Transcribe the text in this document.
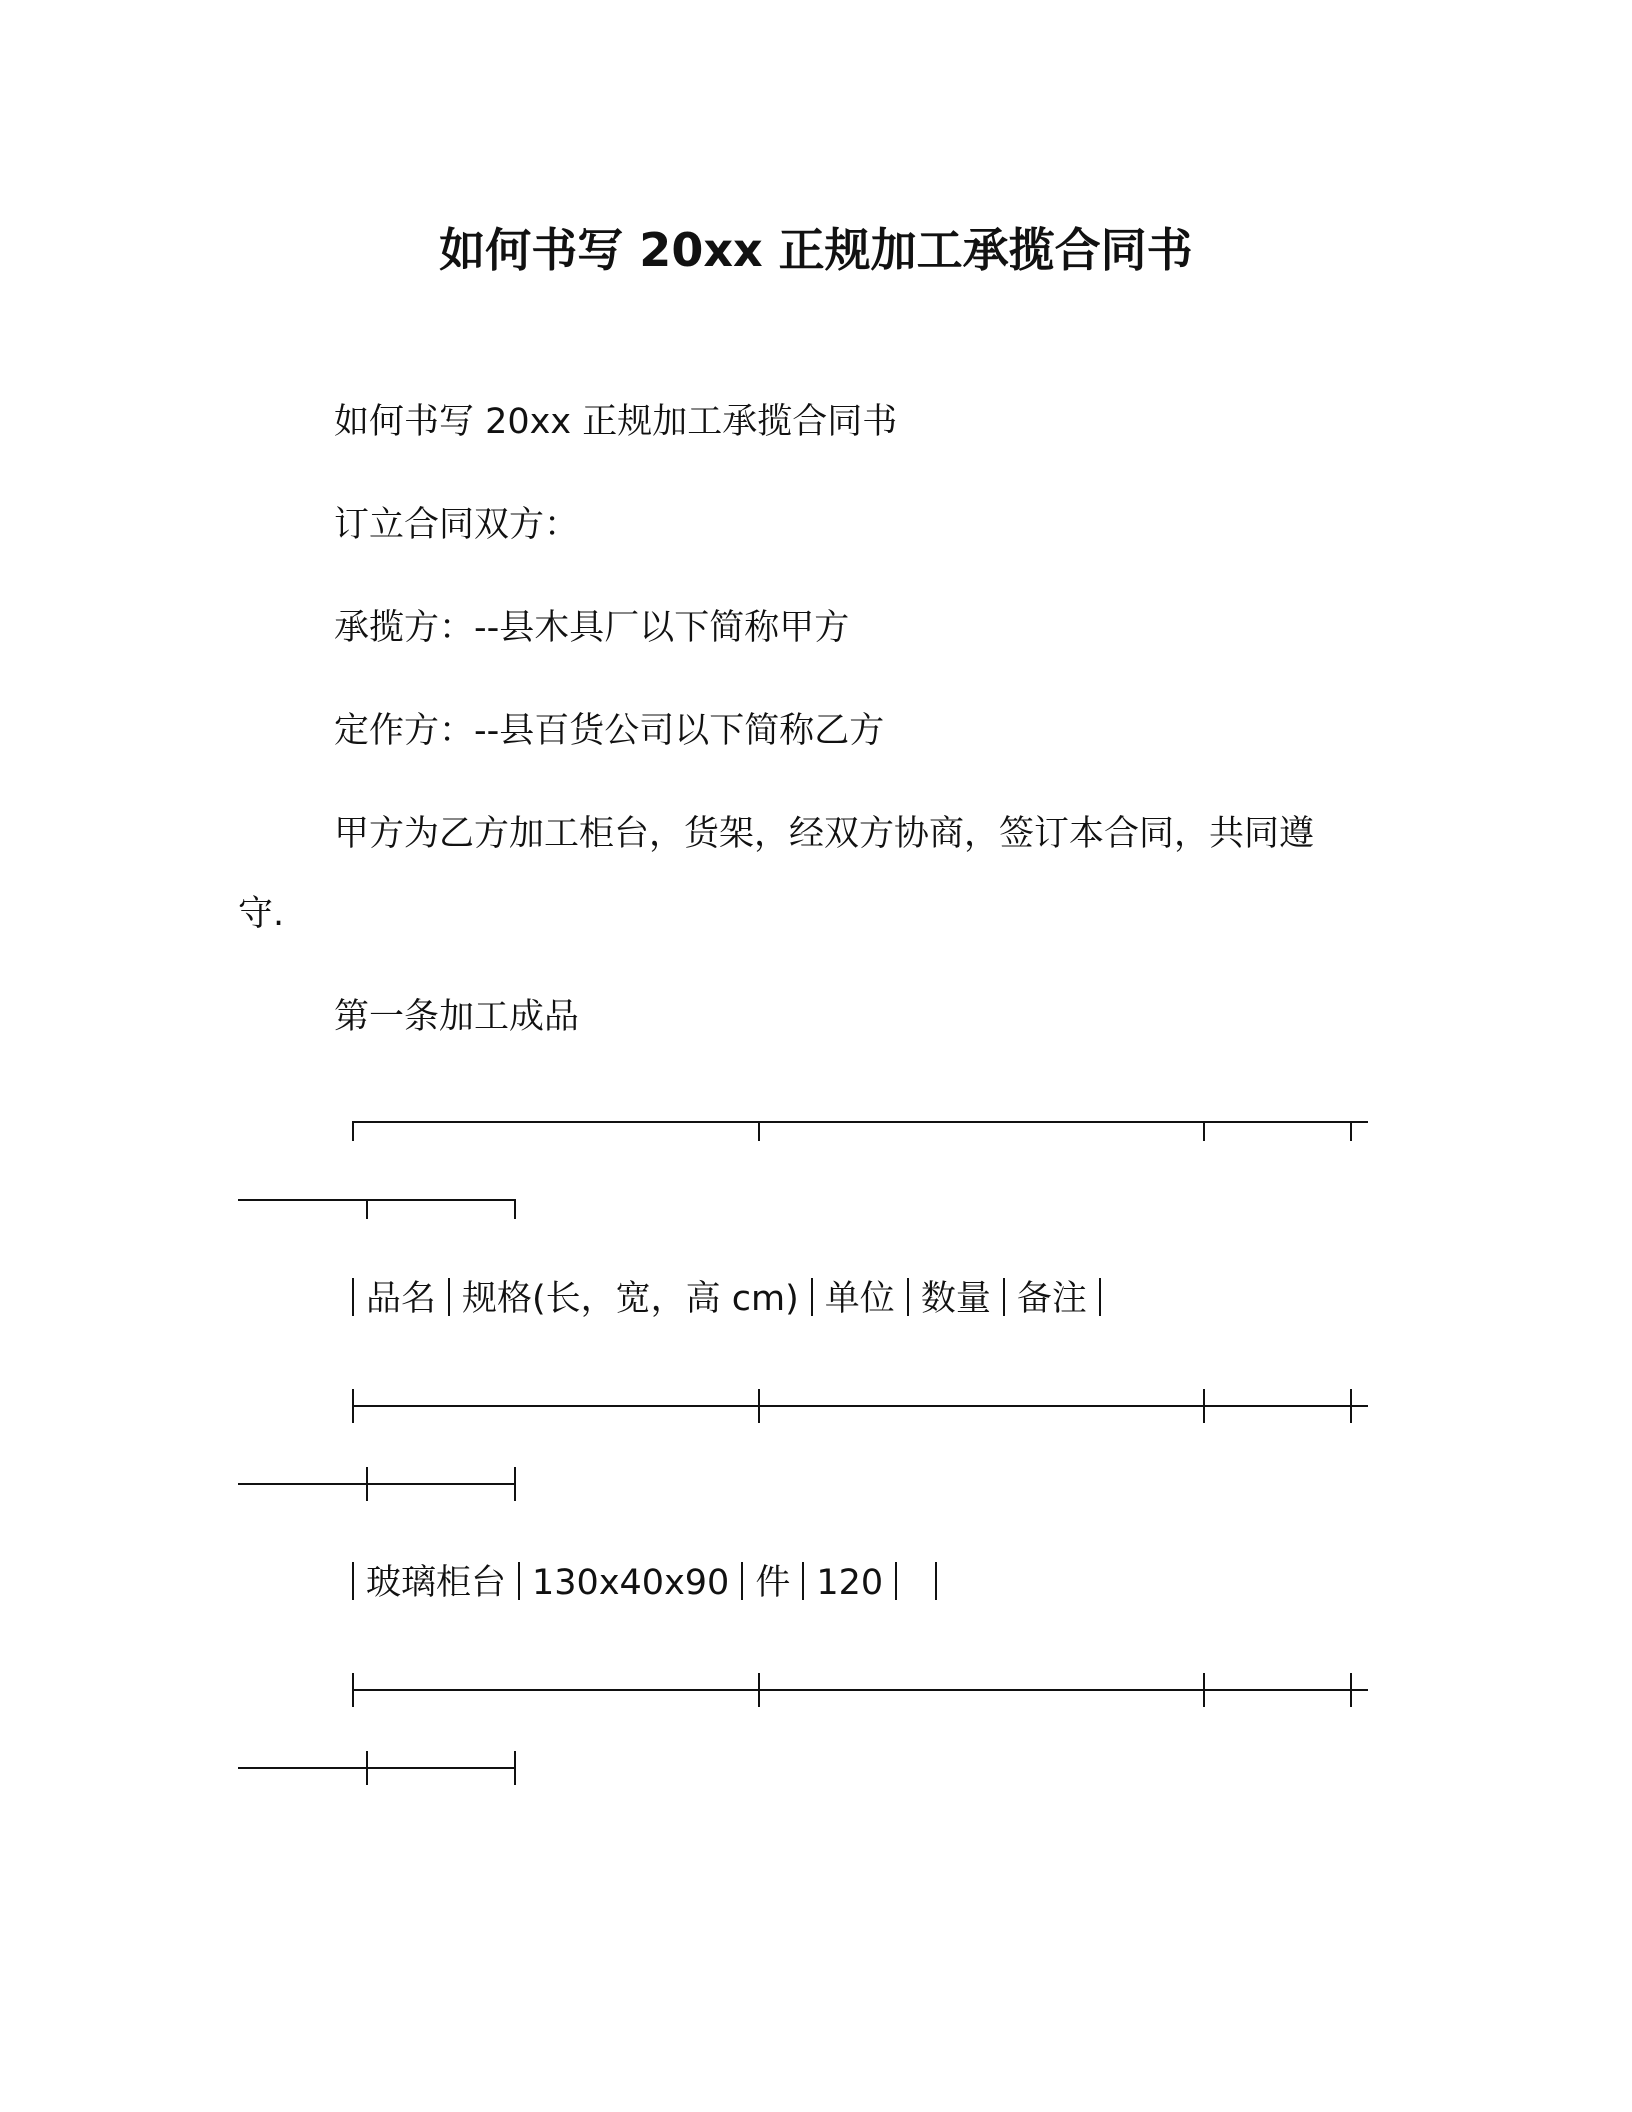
如何书写 20xx 正规加工承揽合同书
如何书写 20xx 正规加工承揽合同书
订立合同双方：
承揽方：--县木具厂以下简称甲方
定作方：--县百货公司以下简称乙方
甲方为乙方加工柜台，货架，经双方协商，签订本合同，共同遵
守.
第一条加工成品
品名 规格(长，宽，高 cm) 单位 数量 备注
玻璃柜台 130x40x90 件 120
